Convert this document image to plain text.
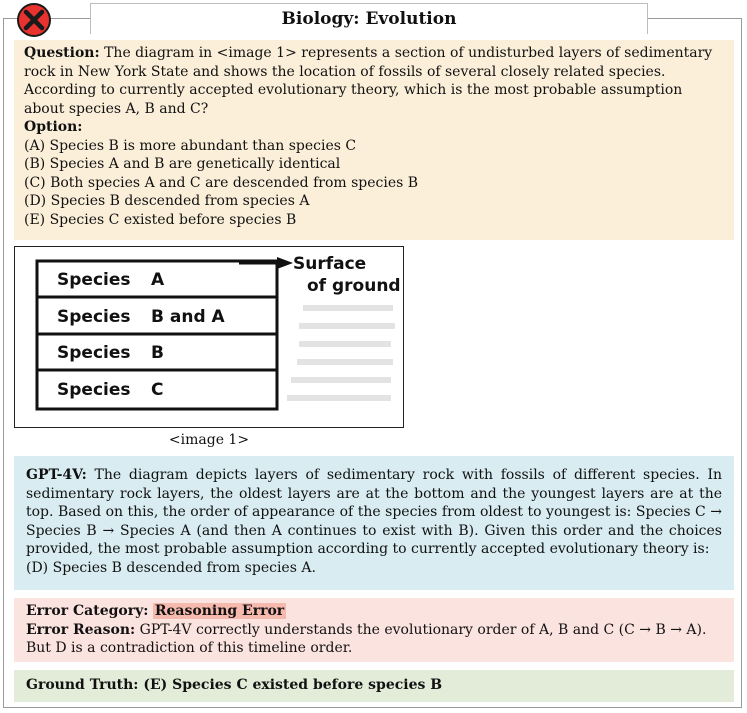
Biology: Evolution
Question: The diagram in <image 1> represents a section of undisturbed layers of sedimentary rock in New York State and shows the location of fossils of several closely related species. According to currently accepted evolutionary theory, which is the most probable assumption about species A, B and C?
Option:
(A) Species B is more abundant than species C
(B) Species A and B are genetically identical
(C) Both species A and C are descended from species B
(D) Species B descended from species A
(E) Species C existed before species B
Surface
of ground
Species A
Species B and A
Species B
Species C
<image 1>
GPT-4V: The diagram depicts layers of sedimentary rock with fossils of different species. In sedimentary rock layers, the oldest layers are at the bottom and the youngest layers are at the top. Based on this, the order of appearance of the species from oldest to youngest is: Species C → Species B → Species A (and then A continues to exist with B). Given this order and the choices provided, the most probable assumption according to currently accepted evolutionary theory is:
(D) Species B descended from species A.
Error Category: Reasoning Error
Error Reason: GPT-4V correctly understands the evolutionary order of A, B and C (C → B → A). But D is a contradiction of this timeline order.
Ground Truth: (E) Species C existed before species B
